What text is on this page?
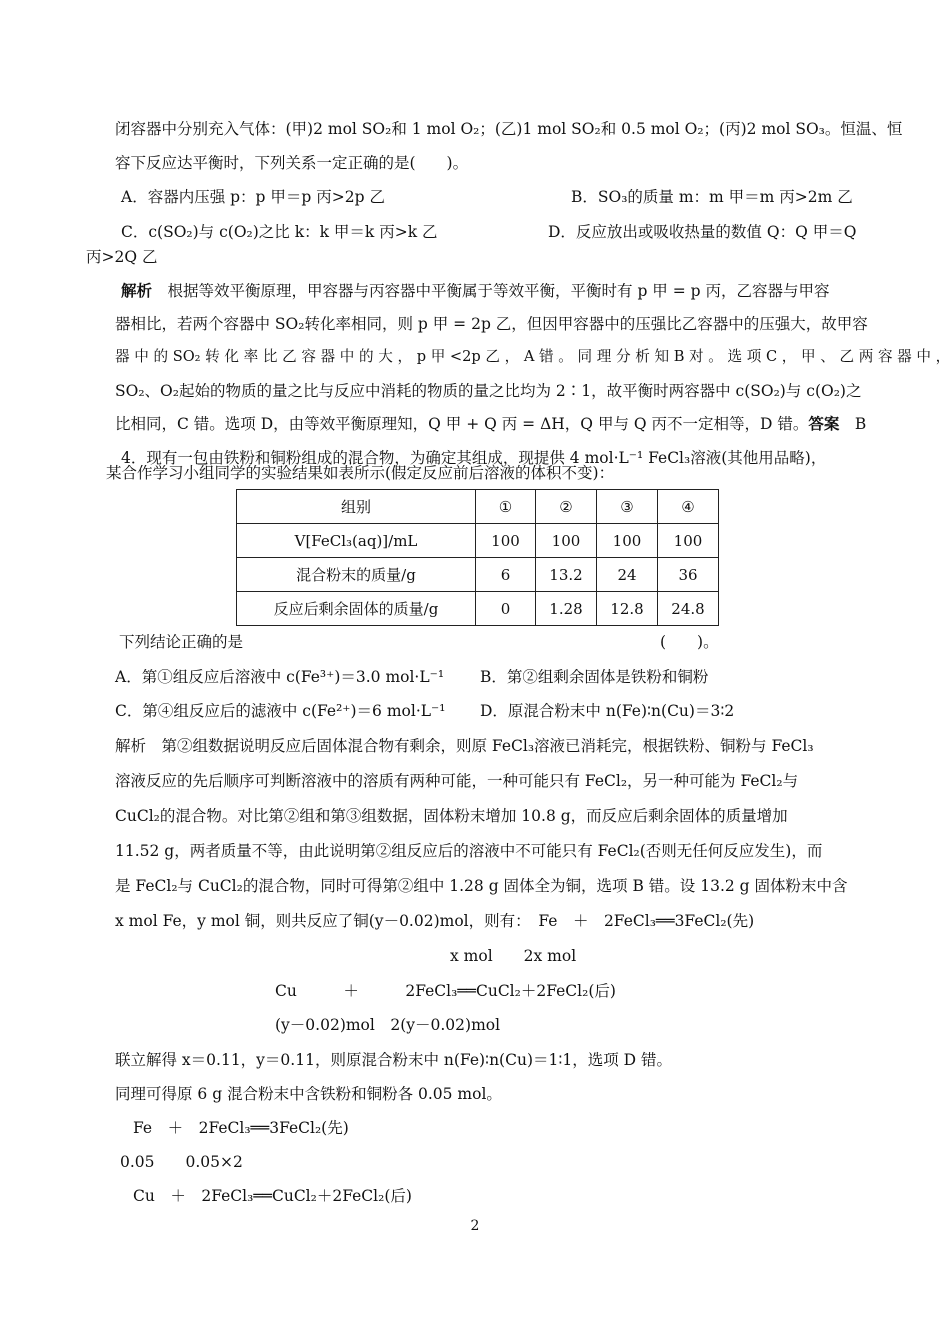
闭容器中分别充入气体：(甲)2 mol SO₂和 1 mol O₂；(乙)1 mol SO₂和 0.5 mol O₂；(丙)2 mol SO₃。恒温、恒
容下反应达平衡时，下列关系一定正确的是(　　)。
A．容器内压强 p：p 甲＝p 丙>2p 乙	B．SO₃的质量 m：m 甲＝m 丙>2m 乙
C．c(SO₂)与 c(O₂)之比 k：k 甲＝k 丙>k 乙	D．反应放出或吸收热量的数值 Q：Q 甲＝Q
丙>2Q 乙
解析　 根据等效平衡原理，甲容器与丙容器中平衡属于等效平衡，平衡时有 p 甲 = p 丙，乙容器与甲容
器相比，若两个容器中 SO₂转化率相同，则 p 甲 = 2p 乙，但因甲容器中的压强比乙容器中的压强大，故甲容
器 中 的 SO₂ 转 化 率 比 乙 容 器 中 的 大 ， p 甲 <2p 乙 ， A 错 。 同 理 分 析 知 B 对 。 选 项 C ， 甲 、 乙 两 容 器 中 ，
SO₂、O₂起始的物质的量之比与反应中消耗的物质的量之比均为 2∶1，故平衡时两容器中 c(SO₂)与 c(O₂)之
比相同，C 错。选项 D，由等效平衡原理知，Q 甲 + Q 丙 = ΔH，Q 甲与 Q 丙不一定相等，D 错。答案　 B
4．现有一包由铁粉和铜粉组成的混合物，为确定其组成，现提供 4 mol·L⁻¹ FeCl₃溶液(其他用品略)，
某合作学习小组同学的实验结果如表所示(假定反应前后溶液的体积不变)：
组别	①	②	③	④
V[FeCl₃(aq)]/mL	100	100	100	100
混合粉末的质量/g	6	13.2	24	36
反应后剩余固体的质量/g	0	1.28	12.8	24.8
下列结论正确的是	(　　)。
A．第①组反应后溶液中 c(Fe³⁺)＝3.0 mol·L⁻¹ B．第②组剩余固体是铁粉和铜粉
C．第④组反应后的滤液中 c(Fe²⁺)＝6 mol·L⁻¹ D．原混合粉末中 n(Fe)∶n(Cu)＝3∶2
解析　第②组数据说明反应后固体混合物有剩余，则原 FeCl₃溶液已消耗完，根据铁粉、铜粉与 FeCl₃
溶液反应的先后顺序可判断溶液中的溶质有两种可能，一种可能只有 FeCl₂，另一种可能为 FeCl₂与
CuCl₂的混合物。对比第②组和第③组数据，固体粉末增加 10.8 g，而反应后剩余固体的质量增加
11.52 g，两者质量不等，由此说明第②组反应后的溶液中不可能只有 FeCl₂(否则无任何反应发生)，而
是 FeCl₂与 CuCl₂的混合物，同时可得第②组中 1.28 g 固体全为铜，选项 B 错。设 13.2 g 固体粉末中含
x mol Fe，y mol 铜，则共反应了铜(y－0.02)mol，则有：　Fe　＋　2FeCl₃══3FeCl₂(先)
x mol　　2x mol
Cu　　　＋　　　2FeCl₃══CuCl₂＋2FeCl₂(后)
(y－0.02)mol　2(y－0.02)mol
联立解得 x＝0.11，y＝0.11，则原混合粉末中 n(Fe)∶n(Cu)＝1∶1，选项 D 错。
同理可得原 6 g 混合粉末中含铁粉和铜粉各 0.05 mol。
Fe　＋　2FeCl₃══3FeCl₂(先)
0.05　　0.05×2
Cu　＋　2FeCl₃══CuCl₂＋2FeCl₂(后)
2
